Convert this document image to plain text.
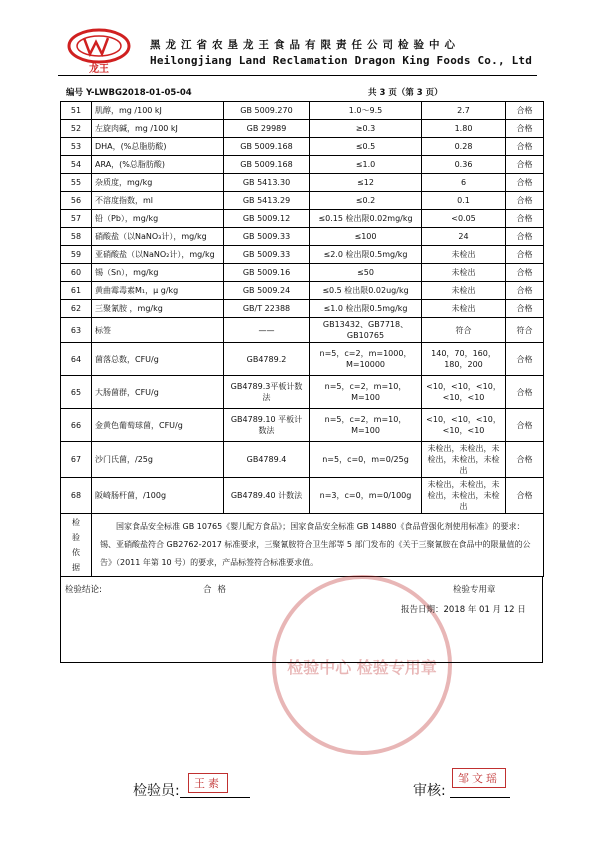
龙王
黑龙江省农垦龙王食品有限责任公司检验中心
Heilongjiang Land Reclamation Dragon King Foods Co., Ltd
编号 Y-LWBG2018-01-05-04	共 3 页（第 3 页）
51	肌醇，mg /100 kJ	GB 5009.270	1.0～9.5	2.7	合格
52	左旋肉碱，mg /100 kJ	GB 29989	≥0.3	1.80	合格
53	DHA，(%总脂肪酸)	GB 5009.168	≤0.5	0.28	合格
54	ARA，(%总脂肪酸)	GB 5009.168	≤1.0	0.36	合格
55	杂质度，mg/kg	GB 5413.30	≤12	6	合格
56	不溶度指数，ml	GB 5413.29	≤0.2	0.1	合格
57	铅（Pb），mg/kg	GB 5009.12	≤0.15 检出限0.02mg/kg	<0.05	合格
58	硝酸盐（以NaNO₃计），mg/kg	GB 5009.33	≤100	24	合格
59	亚硝酸盐（以NaNO₂计），mg/kg	GB 5009.33	≤2.0 检出限0.5mg/kg	未检出	合格
60	锡（Sn），mg/kg	GB 5009.16	≤50	未检出	合格
61	黄曲霉毒素M₁，μ g/kg	GB 5009.24	≤0.5 检出限0.02ug/kg	未检出	合格
62	三聚氰胺 ，mg/kg	GB/T 22388	≤1.0 检出限0.5mg/kg	未检出	合格
63	标签	——	GB13432、GB7718、GB10765	符合	符合
64	菌落总数，CFU/g	GB4789.2	n=5，c=2，m=1000，M=10000	140，70，160，180，200	合格
65	大肠菌群，CFU/g	GB4789.3平板计数法	n=5，c=2，m=10，M=100	<10，<10，<10，<10，<10	合格
66	金黄色葡萄球菌，CFU/g	GB4789.10 平板计数法	n=5，c=2，m=10，M=100	<10，<10，<10，<10，<10	合格
67	沙门氏菌，/25g	GB4789.4	n=5，c=0，m=0/25g	未检出，未检出，未检出，未检出，未检出	合格
68	阪崎肠杆菌，/100g	GB4789.40 计数法	n=3，c=0，m=0/100g	未检出，未检出，未检出，未检出，未检出	合格

检
验
依
据	国家食品安全标准 GB 10765《婴儿配方食品》；国家食品安全标准 GB 14880《食品营强化剂使用标准》的要求：锡、亚硝酸盐符合 GB2762-2017 标准要求，三聚氰胺符合卫生部等 5 部门发布的《关于三聚氰胺在食品中的限量值的公告》（2011 年第 10 号）的要求，产品标签符合标准要求值。				
检验中心 检验专用章
检验结论:	合格	检验专用章
报告日期：2018 年 01 月 12 日
检验员:	王素	审核:
邹文瑶
